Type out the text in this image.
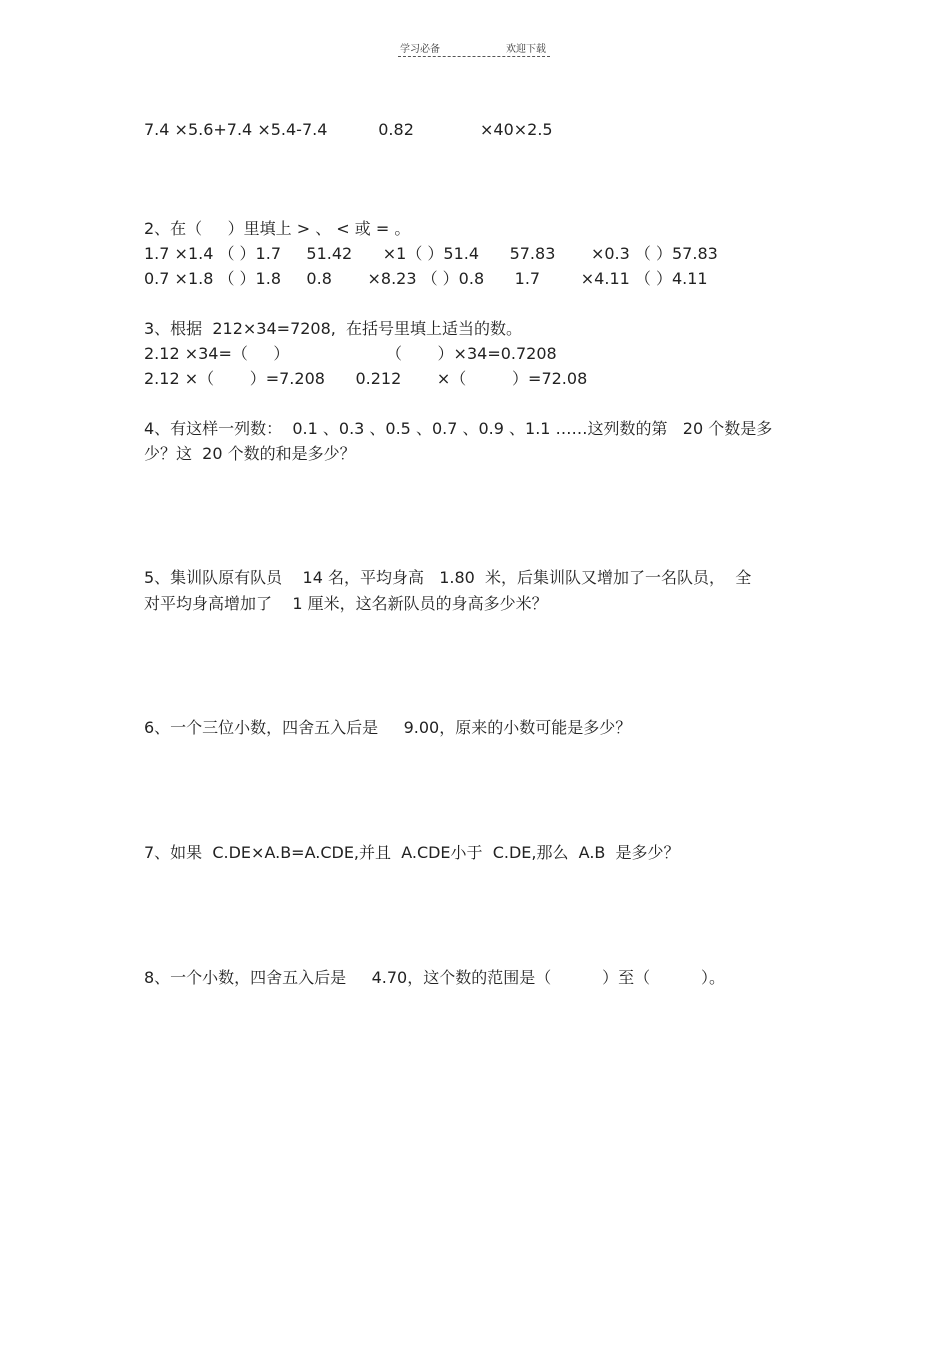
学习必备	欢迎下载
7.4 ×5.6+7.4 ×5.4-7.4          0.82             ×40×2.5
2、在（     ）里填上 > 、 < 或 = 。
1.7 ×1.4 （ ）1.7     51.42      ×1（ ）51.4      57.83       ×0.3 （ ）57.83
0.7 ×1.8 （ ）1.8     0.8       ×8.23 （ ）0.8      1.7        ×4.11 （ ）4.11
3、根据  212×34=7208,  在括号里填上适当的数。
2.12 ×34=（     ）                   （       ）×34=0.7208
2.12 ×（       ）=7.208      0.212       ×（         ）=72.08
4、有这样一列数：  0.1 、0.3 、0.5 、0.7 、0.9 、1.1 ……这列数的第   20 个数是多
少？这  20 个数的和是多少？
5、集训队原有队员    14 名，平均身高   1.80  米，后集训队又增加了一名队员，  全
对平均身高增加了    1 厘米，这名新队员的身高多少米？
6、一个三位小数，四舍五入后是     9.00，原来的小数可能是多少？
7、如果  C.DE×A.B=A.CDE,并且  A.CDE小于  C.DE,那么  A.B  是多少？
8、一个小数，四舍五入后是     4.70，这个数的范围是（          ）至（          ）。
